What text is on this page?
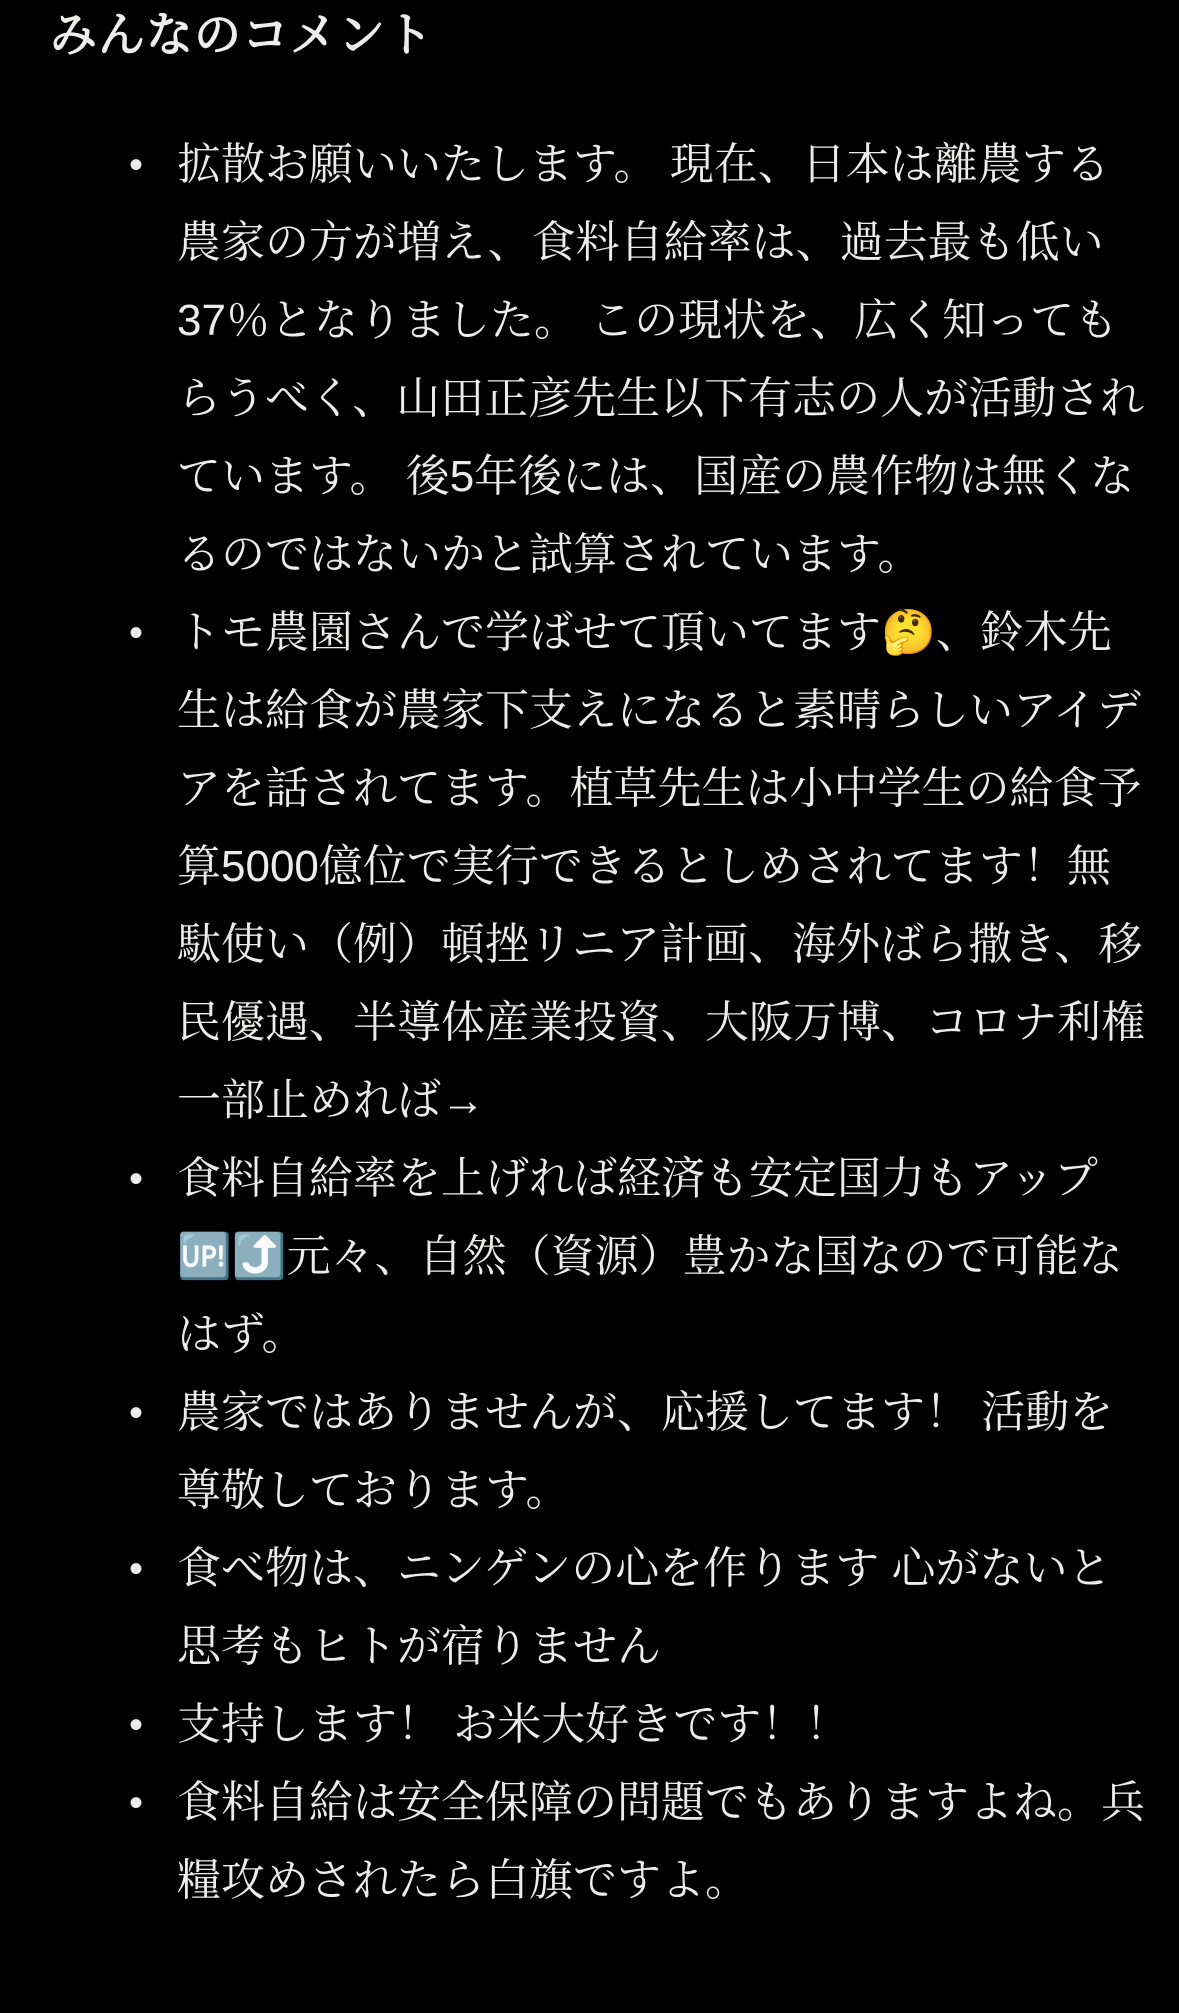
みんなのコメント
• 拡散お願いいたします。 現在、日本は離農する農家の方が増え、食料自給率は、過去最も低い37％となりました。 この現状を、広く知ってもらうべく、山田正彦先生以下有志の人が活動されています。 後5年後には、国産の農作物は無くなるのではないかと試算されています。
• トモ農園さんで学ばせて頂いてます🤔、鈴木先生は給食が農家下支えになると素晴らしいアイデアを話されてます。植草先生は小中学生の給食予算5000億位で実行できるとしめされてます！無駄使い（例）頓挫リニア計画、海外ばら撒き、移民優遇、半導体産業投資、大阪万博、コロナ利権一部止めれば→
• 食料自給率を上げれば経済も安定国力もアップ🆙⤴️元々、自然（資源）豊かな国なので可能なはず。
• 農家ではありませんが、応援してます！ 活動を尊敬しております。
• 食べ物は、ニンゲンの心を作ります 心がないと 思考もヒトが宿りません
• 支持します！ お米大好きです！！
• 食料自給は安全保障の問題でもありますよね。兵糧攻めされたら白旗ですよ。
